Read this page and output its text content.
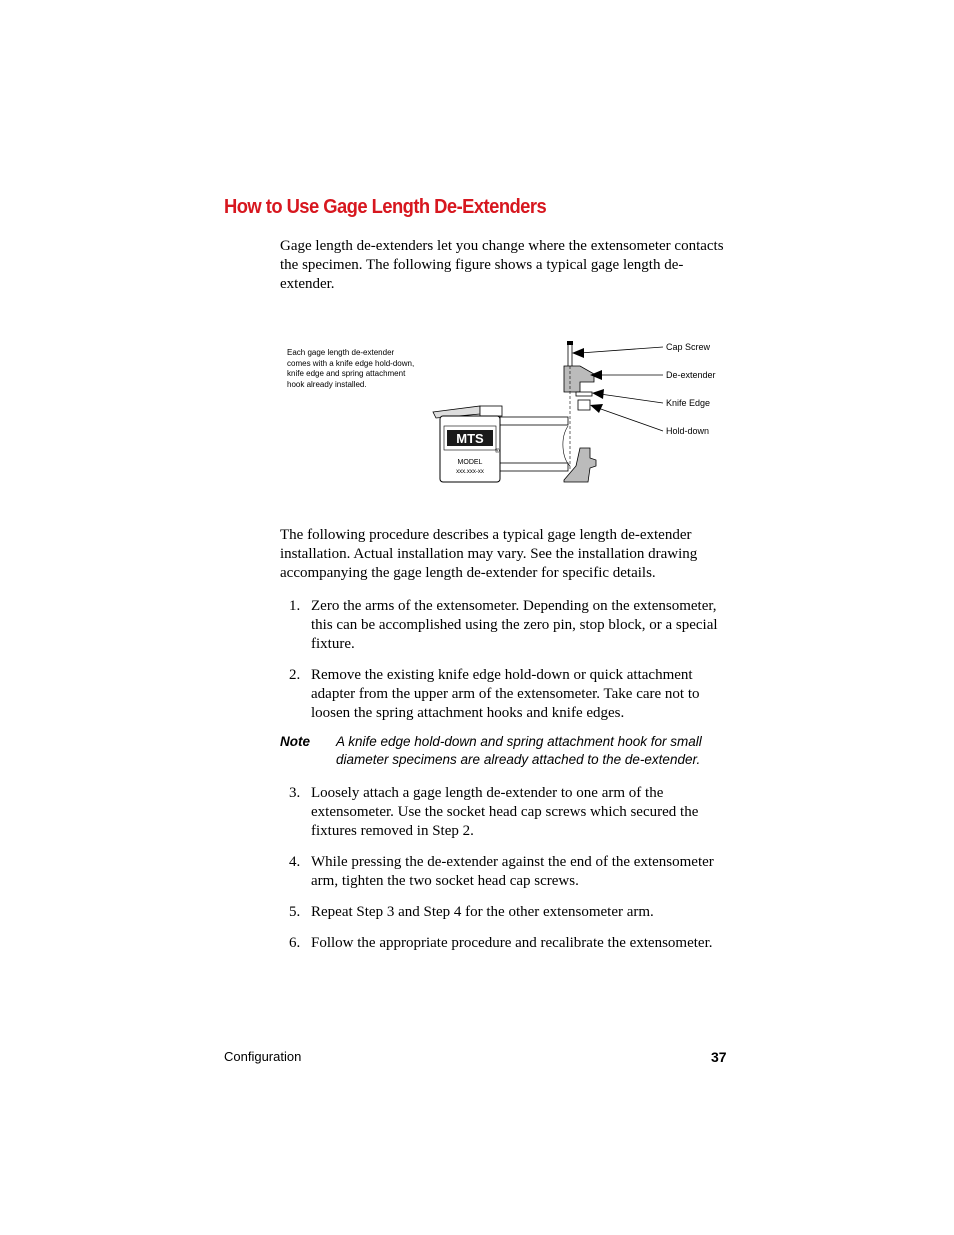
How to Use Gage Length De-Extenders
Gage length de-extenders let you change where the extensometer contacts the specimen. The following figure shows a typical gage length de-extender.
Each gage length de-extender comes with a knife edge hold-down, knife edge and spring attachment hook already installed.
MTS
®
MODEL
xxx.xxx-xx
Cap Screw
De-extender
Knife Edge
Hold-down
The following procedure describes a typical gage length de-extender installation. Actual installation may vary. See the installation drawing accompanying the gage length de-extender for specific details.
1. Zero the arms of the extensometer. Depending on the extensometer, this can be accomplished using the zero pin, stop block, or a special fixture.
2. Remove the existing knife edge hold-down or quick attachment adapter from the upper arm of the extensometer. Take care not to loosen the spring attachment hooks and knife edges.
3. Loosely attach a gage length de-extender to one arm of the extensometer. Use the socket head cap screws which secured the fixtures removed in Step 2.
4. While pressing the de-extender against the end of the extensometer arm, tighten the two socket head cap screws.
5. Repeat Step 3 and Step 4 for the other extensometer arm.
6. Follow the appropriate procedure and recalibrate the extensometer.
Note A knife edge hold-down and spring attachment hook for small diameter specimens are already attached to the de-extender.
Configuration	37
